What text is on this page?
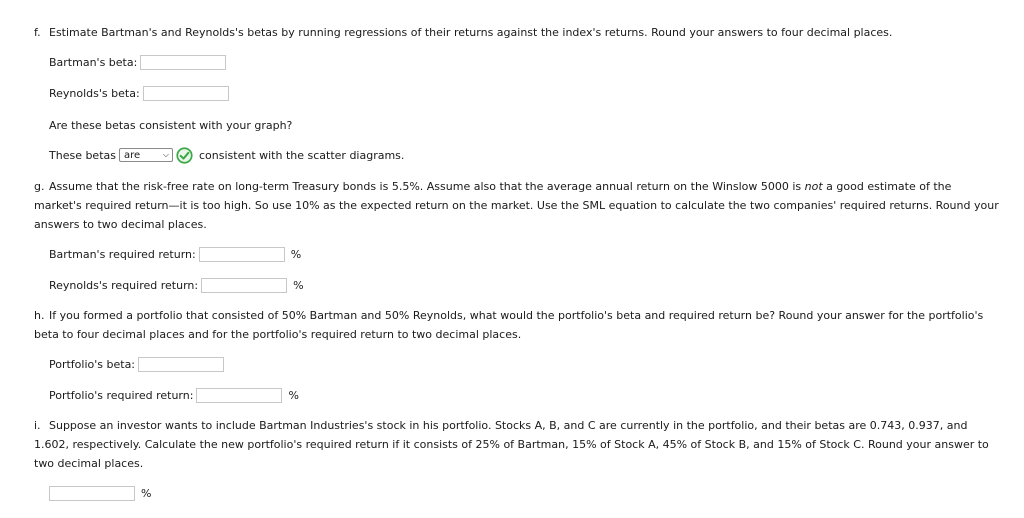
f. Estimate Bartman's and Reynolds's betas by running regressions of their returns against the index's returns. Round your answers to four decimal places.
Bartman's beta:
Reynolds's beta:
Are these betas consistent with your graph?
These betas are	⌵	consistent with the scatter diagrams.
g. Assume that the risk-free rate on long-term Treasury bonds is 5.5%. Assume also that the average annual return on the Winslow 5000 is not a good estimate of the market's required return—it is too high. So use 10% as the expected return on the market. Use the SML equation to calculate the two companies' required returns. Round your answers to two decimal places.
Bartman's required return:	%
Reynolds's required return:	%
h. If you formed a portfolio that consisted of 50% Bartman and 50% Reynolds, what would the portfolio's beta and required return be? Round your answer for the portfolio's beta to four decimal places and for the portfolio's required return to two decimal places.
Portfolio's beta:
Portfolio's required return:	%
i. Suppose an investor wants to include Bartman Industries's stock in his portfolio. Stocks A, B, and C are currently in the portfolio, and their betas are 0.743, 0.937, and 1.602, respectively. Calculate the new portfolio's required return if it consists of 25% of Bartman, 15% of Stock A, 45% of Stock B, and 15% of Stock C. Round your answer to two decimal places.
%
